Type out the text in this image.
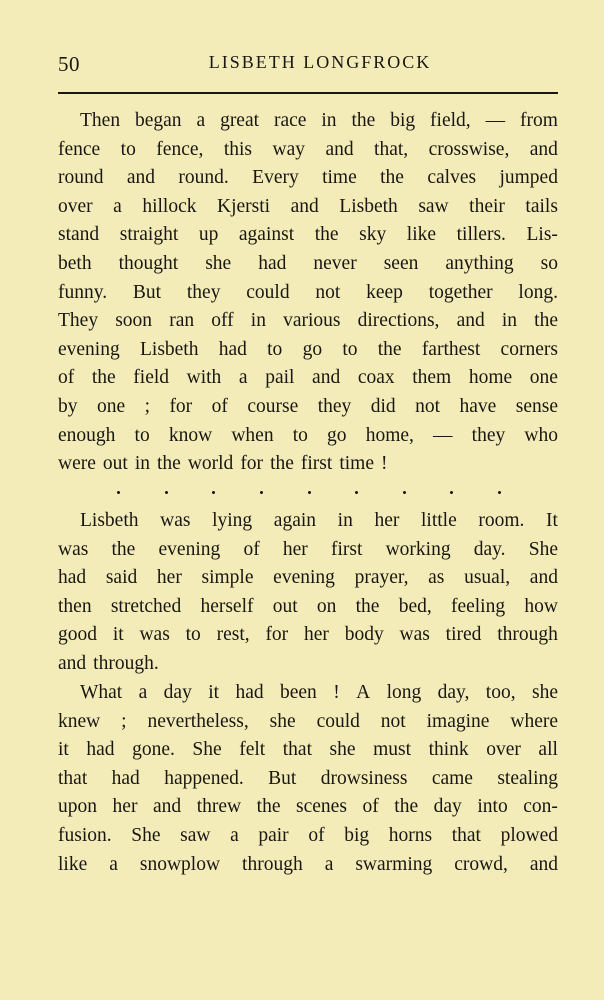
50	LISBETH LONGFROCK
Then began a great race in the big field, — from
fence to fence, this way and that, crosswise, and
round and round. Every time the calves jumped
over a hillock Kjersti and Lisbeth saw their tails
stand straight up against the sky like tillers. Lis-
beth thought she had never seen anything so
funny. But they could not keep together long.
They soon ran off in various directions, and in the
evening Lisbeth had to go to the farthest corners
of the field with a pail and coax them home one
by one ; for of course they did not have sense
enough to know when to go home, — they who
were out in the world for the first time !
Lisbeth was lying again in her little room. It
was the evening of her first working day. She
had said her simple evening prayer, as usual, and
then stretched herself out on the bed, feeling how
good it was to rest, for her body was tired through
and through.
What a day it had been ! A long day, too, she
knew ; nevertheless, she could not imagine where
it had gone. She felt that she must think over all
that had happened. But drowsiness came stealing
upon her and threw the scenes of the day into con-
fusion. She saw a pair of big horns that plowed
like a snowplow through a swarming crowd, and
